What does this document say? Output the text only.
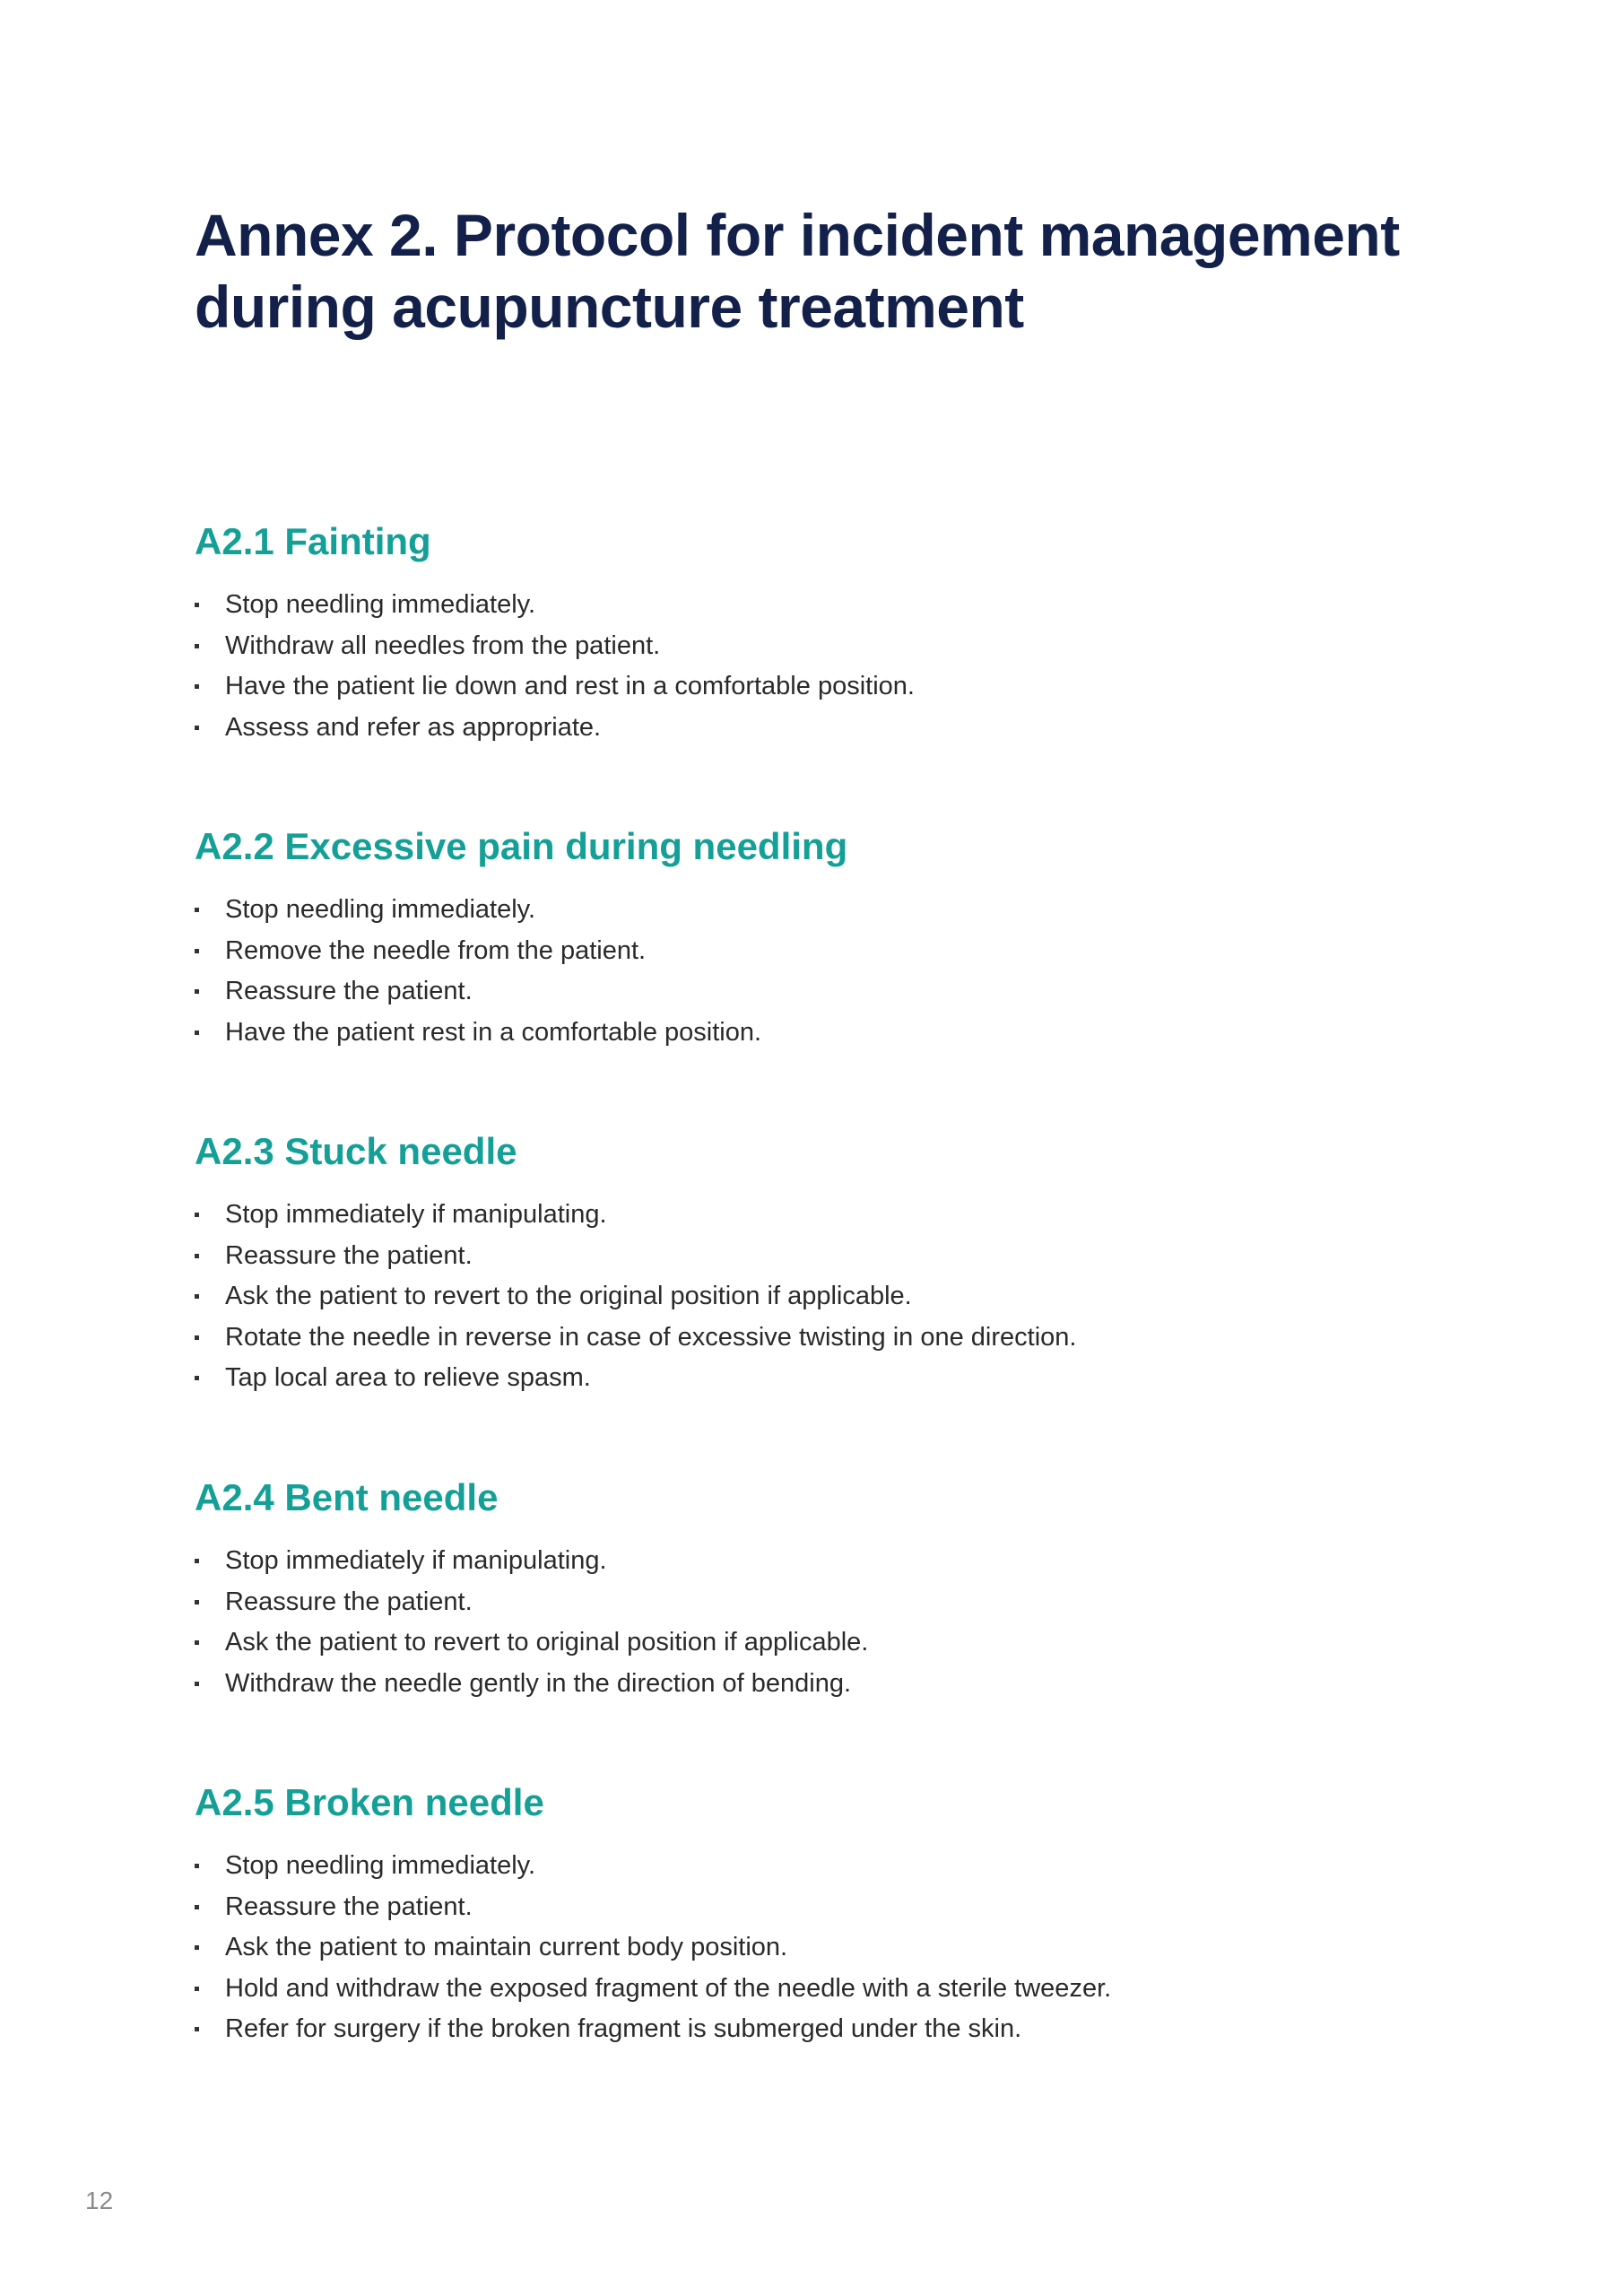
Annex 2. Protocol for incident management during acupuncture treatment
A2.1 Fainting
Stop needling immediately.
Withdraw all needles from the patient.
Have the patient lie down and rest in a comfortable position.
Assess and refer as appropriate.
A2.2 Excessive pain during needling
Stop needling immediately.
Remove the needle from the patient.
Reassure the patient.
Have the patient rest in a comfortable position.
A2.3 Stuck needle
Stop immediately if manipulating.
Reassure the patient.
Ask the patient to revert to the original position if applicable.
Rotate the needle in reverse in case of excessive twisting in one direction.
Tap local area to relieve spasm.
A2.4 Bent needle
Stop immediately if manipulating.
Reassure the patient.
Ask the patient to revert to original position if applicable.
Withdraw the needle gently in the direction of bending.
A2.5 Broken needle
Stop needling immediately.
Reassure the patient.
Ask the patient to maintain current body position.
Hold and withdraw the exposed fragment of the needle with a sterile tweezer.
Refer for surgery if the broken fragment is submerged under the skin.
12
